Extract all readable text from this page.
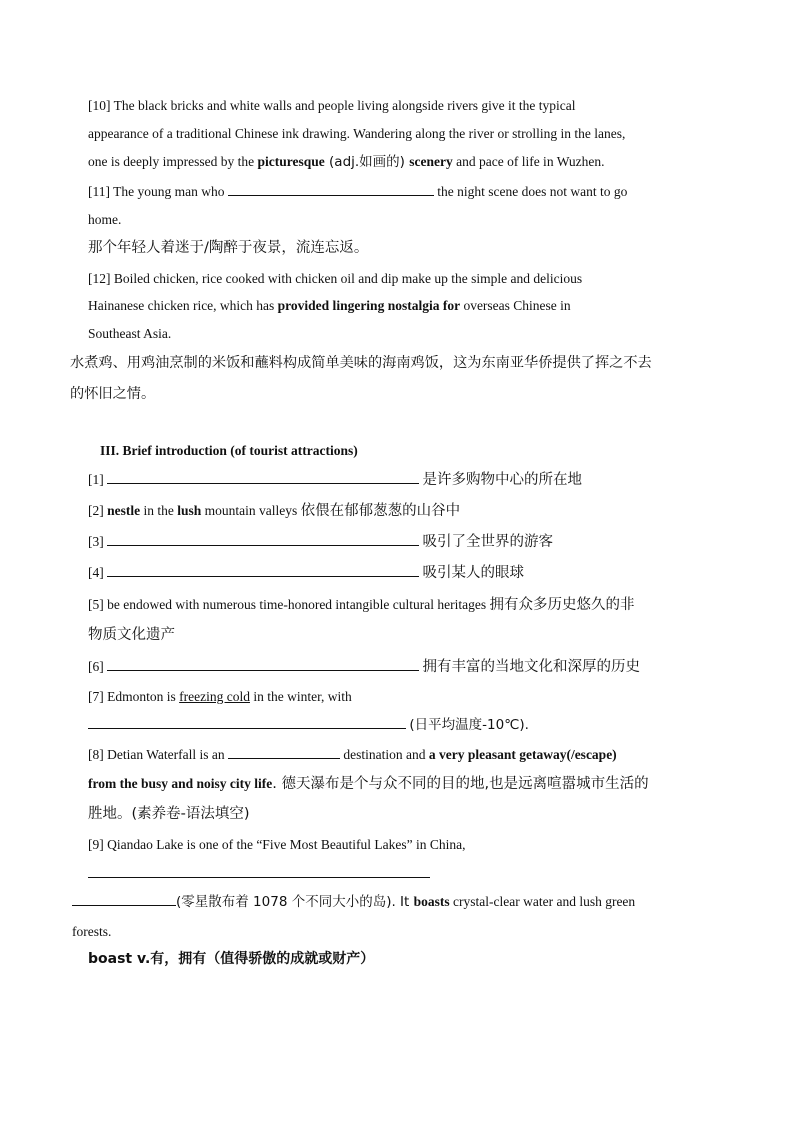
[10] The black bricks and white walls and people living alongside rivers give it the typical
appearance of a traditional Chinese ink drawing. Wandering along the river or strolling in the lanes,
one is deeply impressed by the picturesque (adj.如画的) scenery and pace of life in Wuzhen.
[11] The young man who	the night scene does not want to go
home.
那个年轻人着迷于/陶醉于夜景，流连忘返。
[12] Boiled chicken, rice cooked with chicken oil and dip make up the simple and delicious
Hainanese chicken rice, which has provided lingering nostalgia for overseas Chinese in
Southeast Asia.
水煮鸡、用鸡油烹制的米饭和蘸料构成简单美味的海南鸡饭，这为东南亚华侨提供了挥之不去
的怀旧之情。
III. Brief introduction (of tourist attractions)
[1]	是许多购物中心的所在地
[2] nestle in the lush mountain valleys 依偎在郁郁葱葱的山谷中
[3]	吸引了全世界的游客
[4]	吸引某人的眼球
[5] be endowed with numerous time-honored intangible cultural heritages 拥有众多历史悠久的非
物质文化遗产
[6]	拥有丰富的当地文化和深厚的历史
[7] Edmonton is freezing cold in the winter, with
(日平均温度-10℃).
[8] Detian Waterfall is an	destination and a very pleasant getaway(/escape)
from the busy and noisy city life. 德天瀑布是个与众不同的目的地,也是远离喧嚣城市生活的
胜地。(素养卷-语法填空)
[9] Qiandao Lake is one of the “Five Most Beautiful Lakes” in China,
(零星散布着 1078 个不同大小的岛). It boasts crystal-clear water and lush green
forests.
boast v.有，拥有（值得骄傲的成就或财产）
